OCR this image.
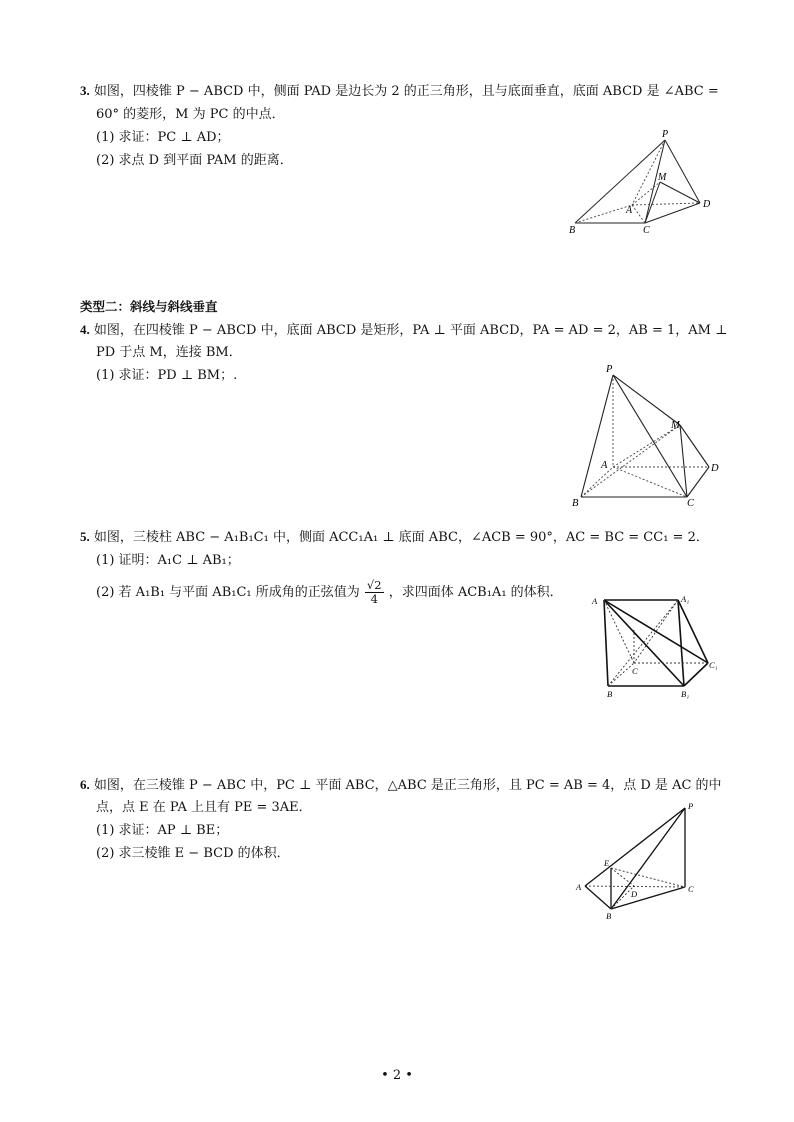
3. 如图，四棱锥 P − ABCD 中，侧面 PAD 是边长为 2 的正三角形，且与底面垂直，底面 ABCD 是 ∠ABC =
60° 的菱形，M 为 PC 的中点．
(1) 求证：PC ⊥ AD；
(2) 求点 D 到平面 PAM 的距离．
P
M
A
D
B	C
类型二：斜线与斜线垂直
4. 如图，在四棱锥 P − ABCD 中，底面 ABCD 是矩形，PA ⊥ 平面 ABCD，PA = AD = 2，AB = 1，AM ⊥
PD 于点 M，连接 BM．
(1) 求证：PD ⊥ BM；.	P
M
A	D
B	C
5. 如图，三棱柱 ABC − A₁B₁C₁ 中，侧面 ACC₁A₁ ⊥ 底面 ABC，∠ACB = 90°，AC = BC = CC₁ = 2．
(1) 证明：A₁C ⊥ AB₁；
(2) 若 A₁B₁ 与平面 AB₁C₁ 所成角的正弦值为 $\frac{√2}{4}$ ，求四面体 ACB₁A₁ 的体积．
A	A₁
C
C₁
B	B₁
6. 如图，在三棱锥 P − ABC 中，PC ⊥ 平面 ABC，△ABC 是正三角形，且 PC = AB = 4，点 D 是 AC 的中
点，点 E 在 PA 上且有 PE = 3AE．
(1) 求证：AP ⊥ BE；
(2) 求三棱锥 E − BCD 的体积．
P
E
A
D	C
B
• 2 •
